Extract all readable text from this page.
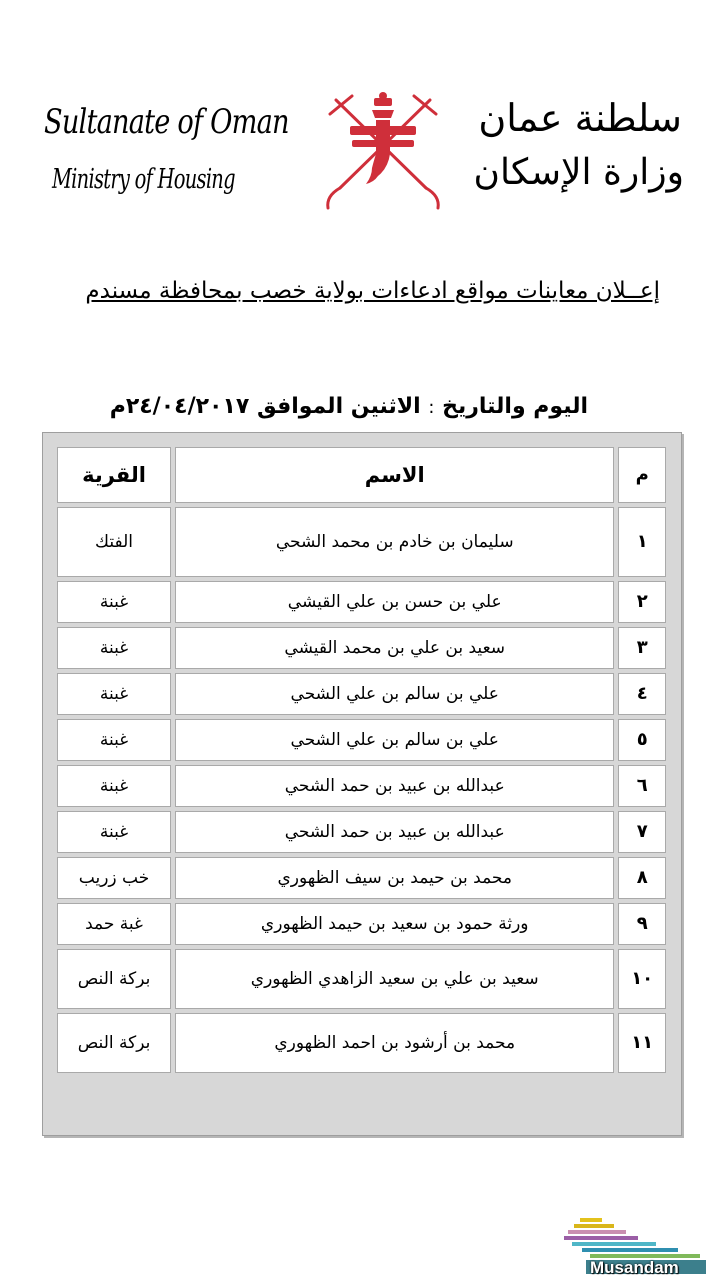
Sultanate of Oman
Ministry of Housing
سلطنة عمان
وزارة الإسكان
إعــلان معاينات مواقع ادعاءات بولاية خصب بمحافظة مسندم
اليوم والتاريخ : الاثنين الموافق ٢٤/٠٤/٢٠١٧م
م	الاسم	القرية
١	سليمان بن خادم بن محمد الشحي	الفتك
٢	علي بن حسن بن علي القيشي	غبنة
٣	سعيد بن علي بن محمد القيشي	غبنة
٤	علي بن سالم بن علي الشحي	غبنة
٥	علي بن سالم بن علي الشحي	غبنة
٦	عبدالله بن عبيد بن حمد الشحي	غبنة
٧	عبدالله بن عبيد بن حمد الشحي	غبنة
٨	محمد بن حيمد بن سيف الظهوري	خب زريب
٩	ورثة حمود بن سعيد بن حيمد الظهوري	غبة حمد
١٠	سعيد بن علي بن سعيد الزاهدي الظهوري	بركة النص
١١	محمد بن أرشود بن احمد الظهوري	بركة النص
Musandam
